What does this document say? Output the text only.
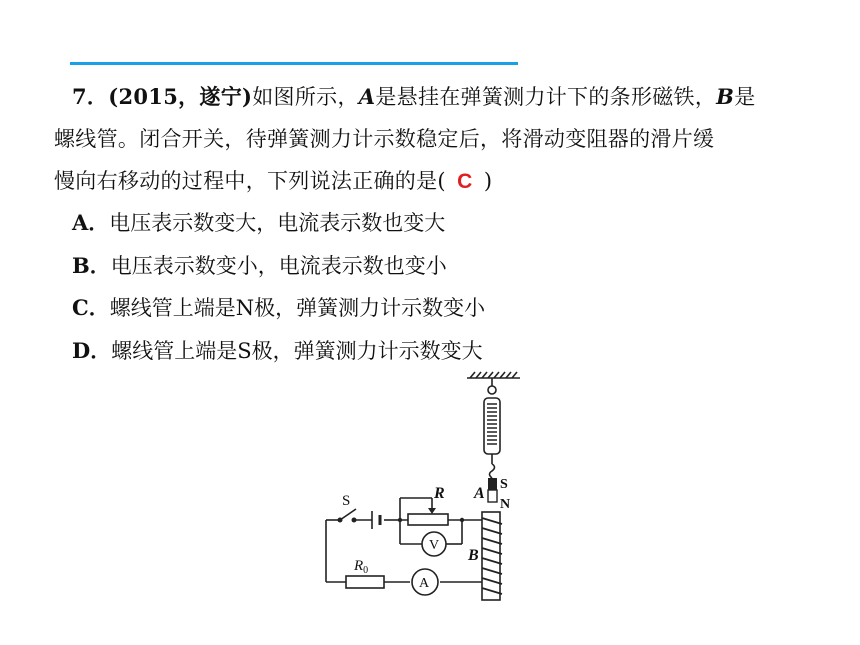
7．(2015，遂宁)如图所示，A是悬挂在弹簧测力计下的条形磁铁，B是
螺线管。闭合开关，待弹簧测力计示数稳定后，将滑动变阻器的滑片缓
慢向右移动的过程中，下列说法正确的是( C )
A．电压表示数变大，电流表示数也变大
B．电压表示数变小，电流表示数也变小
C．螺线管上端是N极，弹簧测力计示数变小
D．螺线管上端是S极，弹簧测力计示数变大
S	R
V
$R_0$
A
B
A
S
N
